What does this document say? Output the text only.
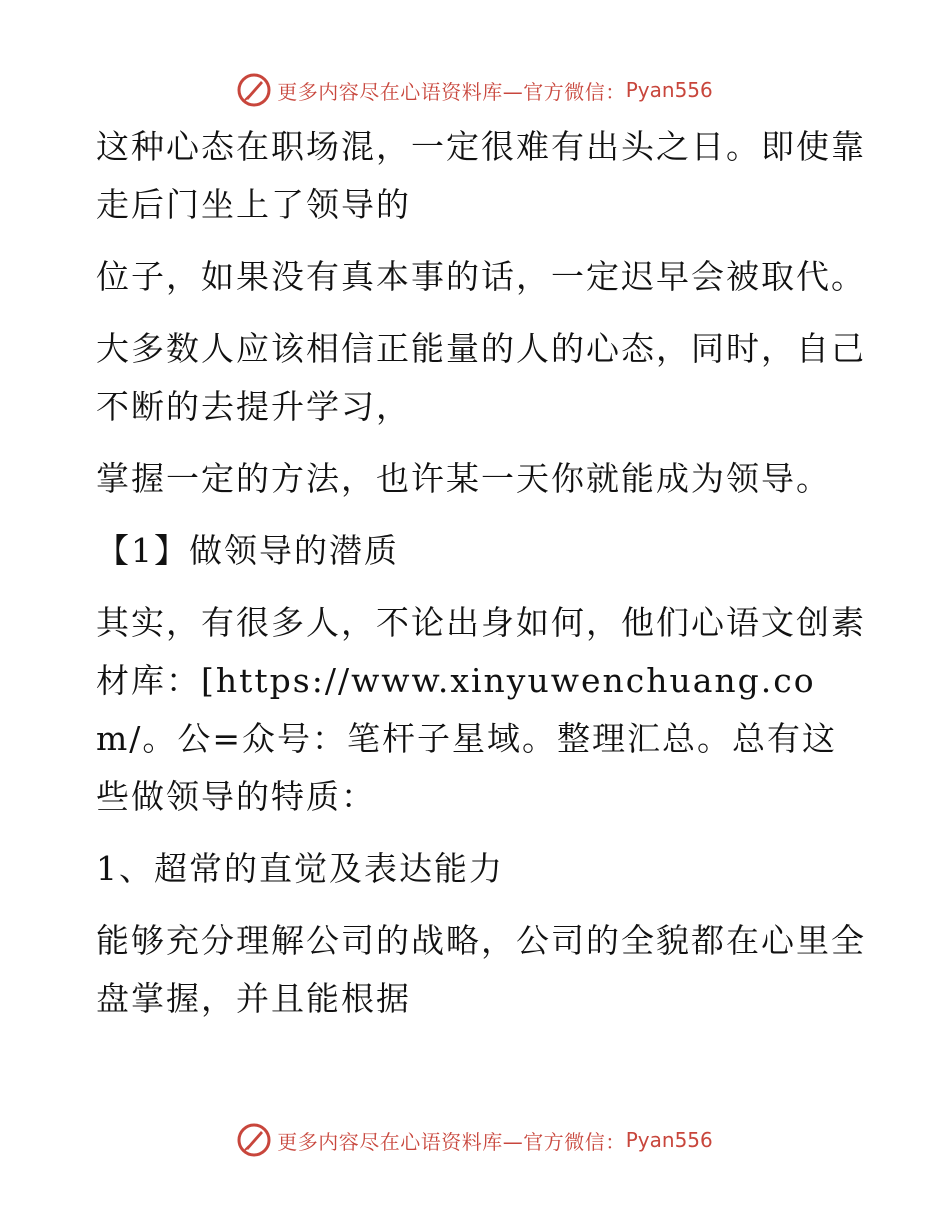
更多内容尽在心语资料库—官方微信： Pyan556

这种心态在职场混，一定很难有出头之日。即使靠走后门坐上了领导的

位子，如果没有真本事的话，一定迟早会被取代。

大多数人应该相信正能量的人的心态，同时，自己不断的去提升学习，

掌握一定的方法，也许某一天你就能成为领导。

【1】做领导的潜质

其实，有很多人，不论出身如何，他们心语文创素材库：[https://www.xinyuwenchuang.com/。公=众号：笔杆子星域。整理汇总。总有这些做领导的特质：

1、超常的直觉及表达能力

能够充分理解公司的战略，公司的全貌都在心里全盘掌握，并且能根据

更多内容尽在心语资料库—官方微信： Pyan556
